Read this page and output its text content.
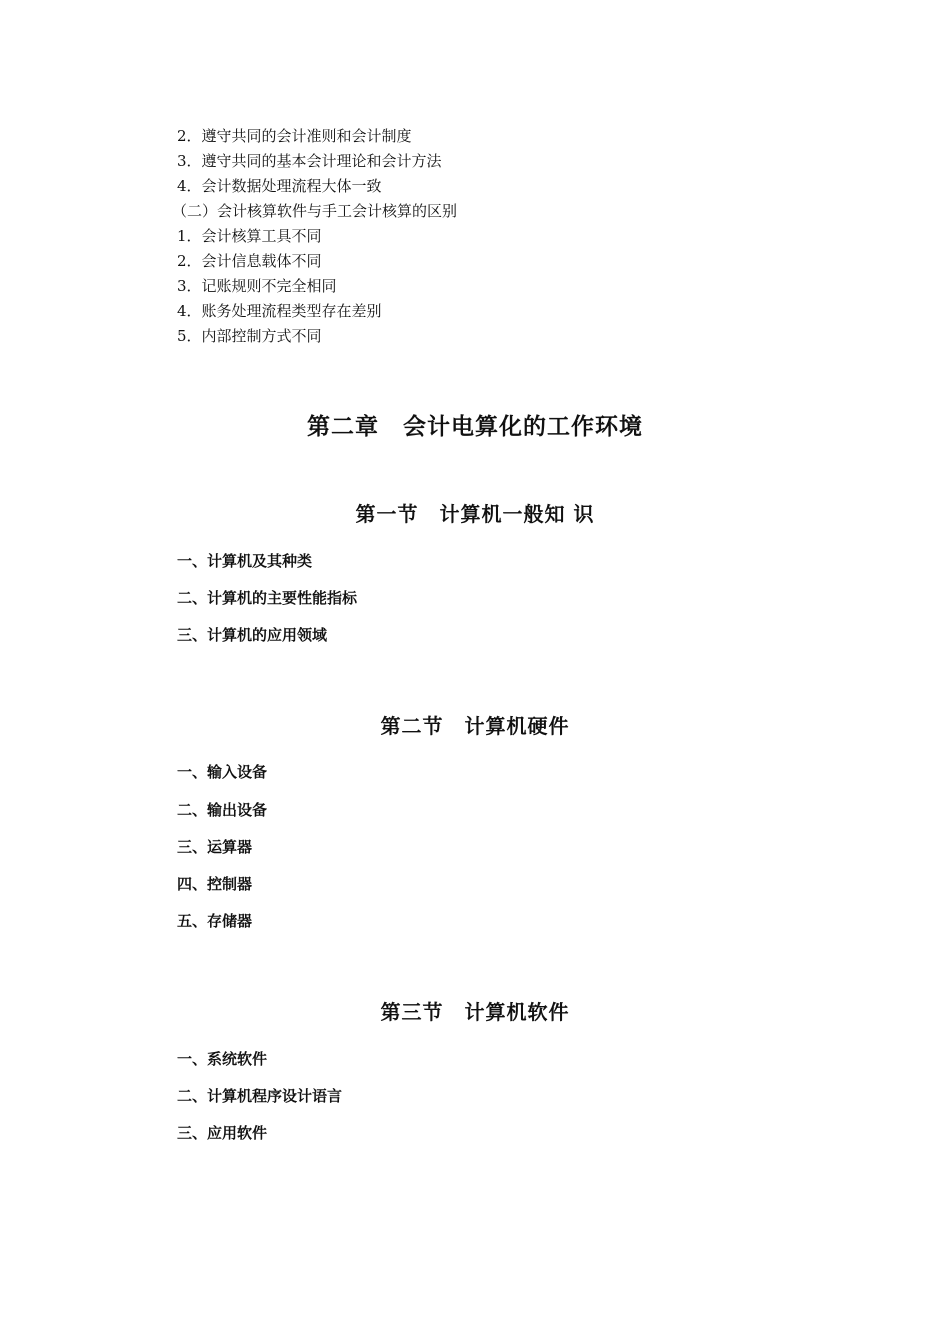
2．遵守共同的会计准则和会计制度
3．遵守共同的基本会计理论和会计方法
4．会计数据处理流程大体一致
（二）会计核算软件与手工会计核算的区别
1．会计核算工具不同
2．会计信息载体不同
3．记账规则不完全相同
4．账务处理流程类型存在差别
5．内部控制方式不同
第二章　会计电算化的工作环境
第一节　计算机一般知 识
一、计算机及其种类
二、计算机的主要性能指标
三、计算机的应用领域
第二节　计算机硬件
一、输入设备
二、输出设备
三、运算器
四、控制器
五、存储器
第三节　计算机软件
一、系统软件
二、计算机程序设计语言
三、应用软件
